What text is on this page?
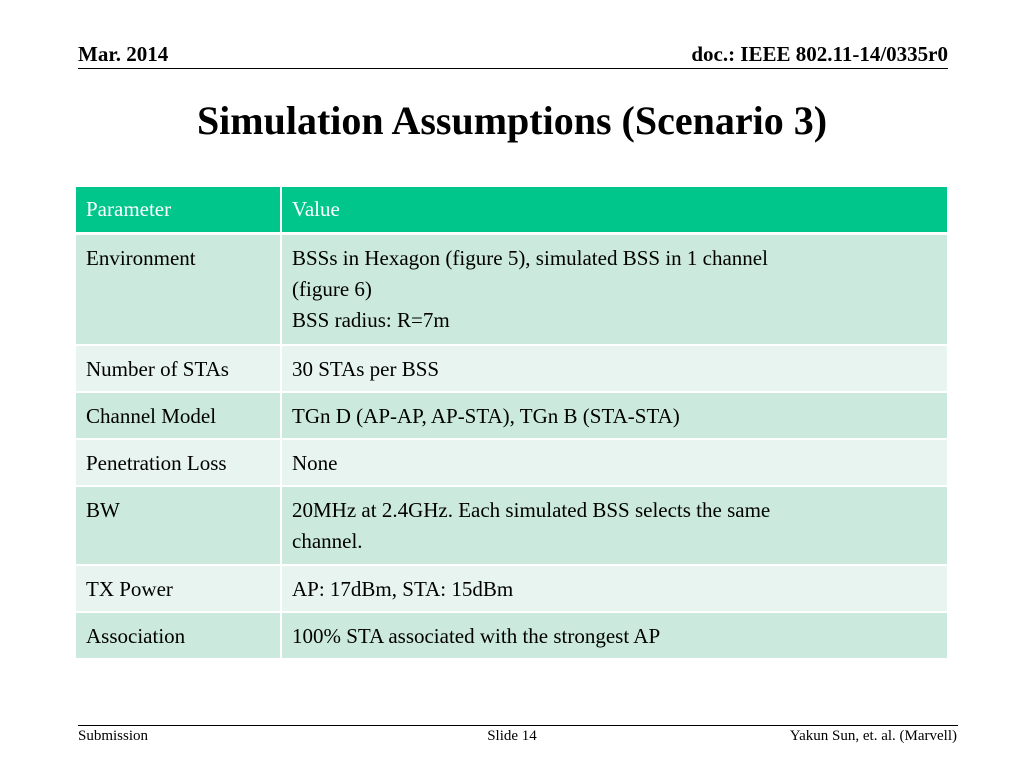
Mar. 2014	doc.: IEEE 802.11-14/0335r0
Simulation Assumptions (Scenario 3)
Parameter	Value
Environment	BSSs in Hexagon (figure 5), simulated BSS in 1 channel
(figure 6)
BSS radius: R=7m

Number of STAs	30 STAs per BSS

Channel Model	TGn D (AP-AP, AP-STA), TGn B (STA-STA)

Penetration Loss	None

BW	20MHz at 2.4GHz. Each simulated BSS selects the same
channel.

TX Power	AP: 17dBm, STA: 15dBm

Association	100% STA associated with the strongest AP
Submission	Slide 14	Yakun Sun, et. al. (Marvell)
